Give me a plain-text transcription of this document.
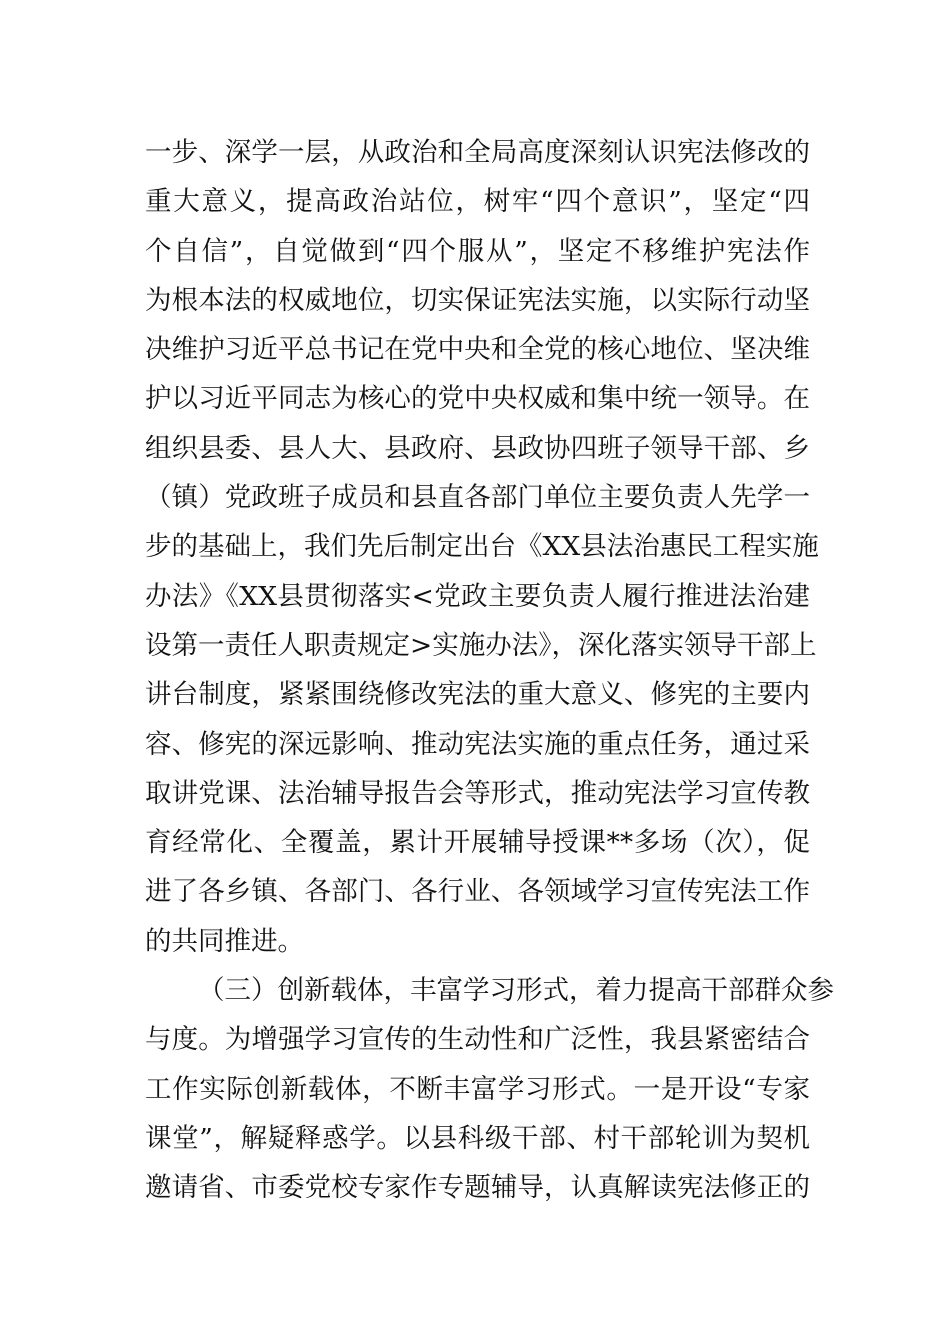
一步、深学一层，从政治和全局高度深刻认识宪法修改的
重大意义，提高政治站位，树牢“四个意识”，坚定“四
个自信”，自觉做到“四个服从”，坚定不移维护宪法作
为根本法的权威地位，切实保证宪法实施，以实际行动坚
决维护习近平总书记在党中央和全党的核心地位、坚决维
护以习近平同志为核心的党中央权威和集中统一领导。在
组织县委、县人大、县政府、县政协四班子领导干部、乡
（镇）党政班子成员和县直各部门单位主要负责人先学一
步的基础上，我们先后制定出台《XX县法治惠民工程实施
办法》《XX县贯彻落实<党政主要负责人履行推进法治建
设第一责任人职责规定>实施办法》，深化落实领导干部上
讲台制度，紧紧围绕修改宪法的重大意义、修宪的主要内
容、修宪的深远影响、推动宪法实施的重点任务，通过采
取讲党课、法治辅导报告会等形式，推动宪法学习宣传教
育经常化、全覆盖，累计开展辅导授课**多场（次），促
进了各乡镇、各部门、各行业、各领域学习宣传宪法工作
的共同推进。
（三）创新载体，丰富学习形式，着力提高干部群众参
与度。为增强学习宣传的生动性和广泛性，我县紧密结合
工作实际创新载体，不断丰富学习形式。一是开设“专家
课堂”，解疑释惑学。以县科级干部、村干部轮训为契机
邀请省、市委党校专家作专题辅导，认真解读宪法修正的
